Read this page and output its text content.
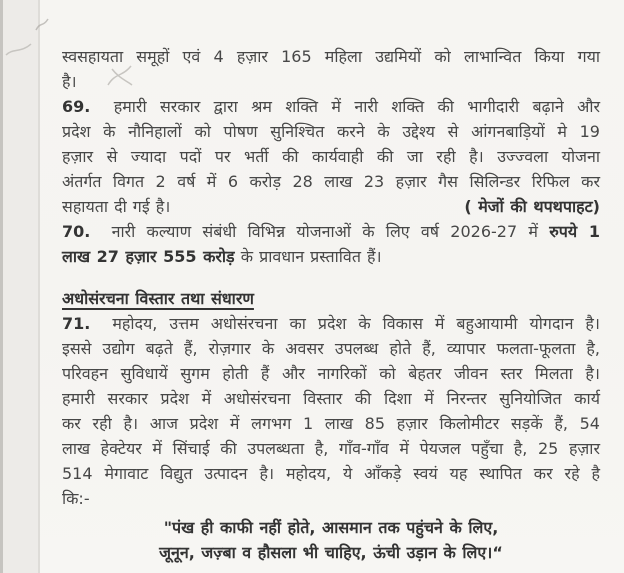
स्वसहायता समूहों एवं 4 हज़ार 165 महिला उद्यमियों को लाभान्वित किया गया
है।
69. हमारी सरकार द्वारा श्रम शक्ति में नारी शक्ति की भागीदारी बढ़ाने और
प्रदेश के नौनिहालों को पोषण सुनिश्चित करने के उद्देश्य से आंगनबाड़ियों मे 19
हज़ार से ज्यादा पदों पर भर्ती की कार्यवाही की जा रही है। उज्ज्वला योजना
अंतर्गत विगत 2 वर्ष में 6 करोड़ 28 लाख 23 हज़ार गैस सिलिन्डर रिफिल कर
सहायता दी गई है।	( मेजों की थपथपाहट)
70. नारी कल्याण संबंधी विभिन्न योजनाओं के लिए वर्ष 2026-27 में रुपये 1
लाख 27 हज़ार 555 करोड़ के प्रावधान प्रस्तावित हैं।
अधोसंरचना विस्तार तथा संधारण
71. महोदय, उत्तम अधोसंरचना का प्रदेश के विकास में बहुआयामी योगदान है।
इससे उद्योग बढ़ते हैं, रोज़गार के अवसर उपलब्ध होते हैं, व्यापार फलता-फूलता है,
परिवहन सुविधायें सुगम होती हैं और नागरिकों को बेहतर जीवन स्तर मिलता है।
हमारी सरकार प्रदेश में अधोसंरचना विस्तार की दिशा में निरन्तर सुनियोजित कार्य
कर रही है। आज प्रदेश में लगभग 1 लाख 85 हज़ार किलोमीटर सड़कें हैं, 54
लाख हेक्टेयर में सिंचाई की उपलब्धता है, गाँव-गाँव में पेयजल पहुँचा है, 25 हज़ार
514 मेगावाट विद्युत उत्पादन है। महोदय, ये आँकड़े स्वयं यह स्थापित कर रहे है
कि:-
"पंख ही काफी नहीं होते, आसमान तक पहुंचने के लिए,
जूनून, जज़्बा व हौसला भी चाहिए, ऊंची उड़ान के लिए।“
